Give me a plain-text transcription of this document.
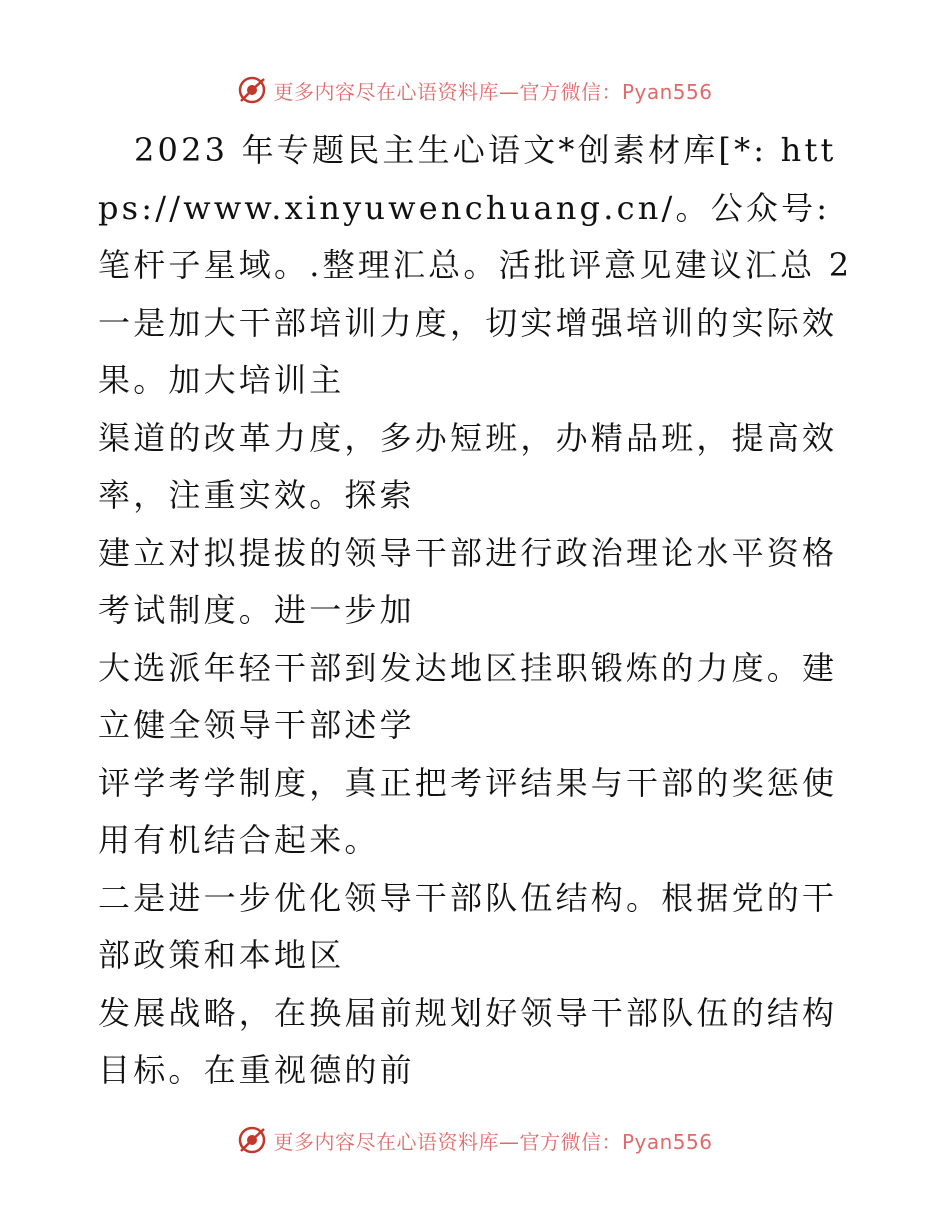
更多内容尽在心语资料库—官方微信：Pyan556

2023 年专题民主生心语文*创素材库[*: https://www.xinyuwenchuang.cn/。公众号: 笔杆子星域。.整理汇总。活批评意见建议汇总 2

一是加大干部培训力度，切实增强培训的实际效果。加大培训主

渠道的改革力度，多办短班，办精品班，提高效率，注重实效。探索

建立对拟提拔的领导干部进行政治理论水平资格考试制度。进一步加

大选派年轻干部到发达地区挂职锻炼的力度。建立健全领导干部述学

评学考学制度，真正把考评结果与干部的奖惩使用有机结合起来。

二是进一步优化领导干部队伍结构。根据党的干部政策和本地区

发展战略，在换届前规划好领导干部队伍的结构目标。在重视德的前

更多内容尽在心语资料库—官方微信：Pyan556
